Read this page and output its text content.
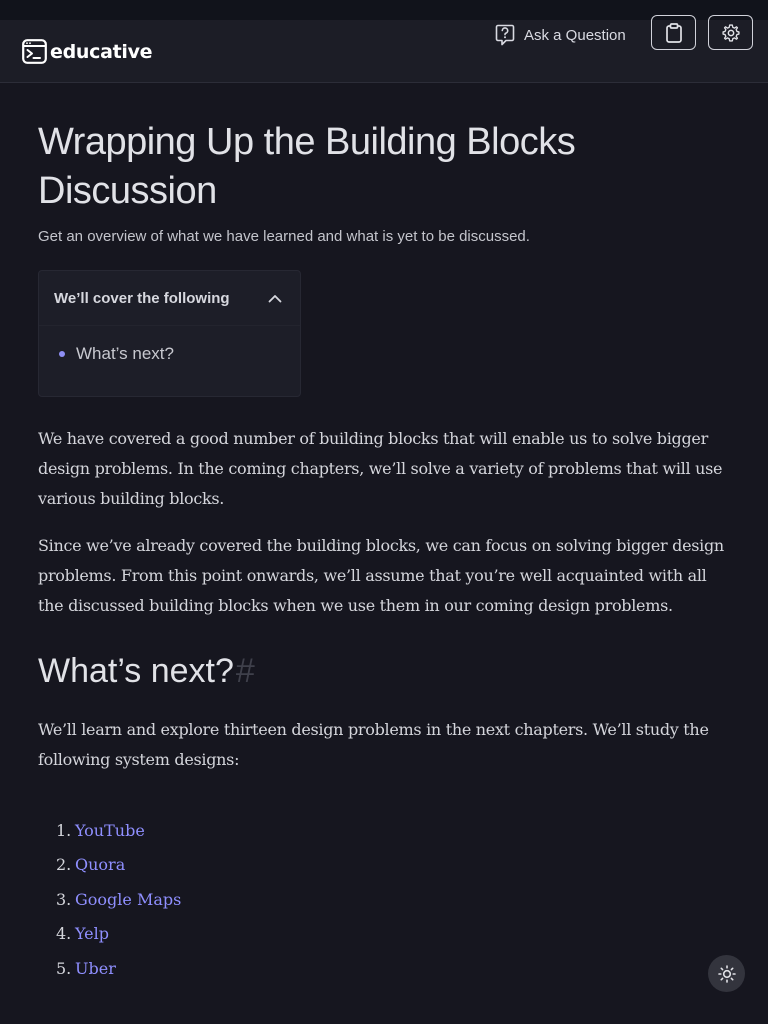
educative
Ask a Question
Wrapping Up the Building Blocks Discussion

Get an overview of what we have learned and what is yet to be discussed.

We’ll cover the following
What’s next?

We have covered a good number of building blocks that will enable us to solve bigger design problems. In the coming chapters, we’ll solve a variety of problems that will use various building blocks.

Since we’ve already covered the building blocks, we can focus on solving bigger design problems. From this point onwards, we’ll assume that you’re well acquainted with all the discussed building blocks when we use them in our coming design problems.

What’s next?#

We’ll learn and explore thirteen design problems in the next chapters. We’ll study the following system designs:

1. YouTube
2. Quora
3. Google Maps
4. Yelp
5. Uber
